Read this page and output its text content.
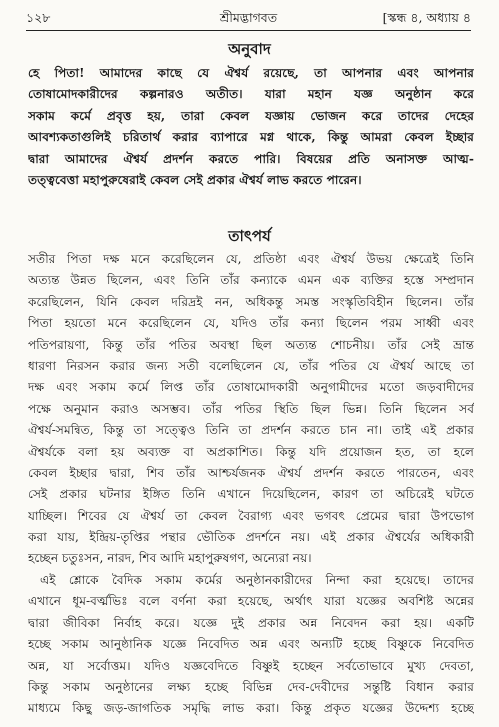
১২৮	শ্রীমদ্ভাগবত	[স্কন্ধ ৪, অধ্যায় ৪
অনুবাদ
হে পিতা! আমাদের কাছে যে ঐশ্বর্য রয়েছে, তা আপনার এবং আপনার
তোষামোদকারীদের কল্পনারও অতীত। যারা মহান যজ্ঞ অনুষ্ঠান করে
সকাম কর্মে প্রবৃত্ত হয়, তারা কেবল যজ্ঞায় ভোজন করে তাদের দেহের
আবশ্যকতাগুলিই চরিতার্থ করার ব্যাপারে মগ্ন থাকে, কিন্তু আমরা কেবল ইচ্ছার
দ্বারা আমাদের ঐশ্বর্য প্রদর্শন করতে পারি। বিষয়ের প্রতি অনাসক্ত আত্ম-
তত্ত্ববেত্তা মহাপুরুষেরাই কেবল সেই প্রকার ঐশ্বর্য লাভ করতে পারেন।
তাৎপর্য
সতীর পিতা দক্ষ মনে করেছিলেন যে, প্রতিষ্ঠা এবং ঐশ্বর্য উভয় ক্ষেত্রেই তিনি
অত্যন্ত উন্নত ছিলেন, এবং তিনি তাঁর কন্যাকে এমন এক ব্যক্তির হস্তে সম্প্রদান
করেছিলেন, যিনি কেবল দরিদ্রই নন, অধিকন্তু সমস্ত সংস্কৃতিবিহীন ছিলেন। তাঁর
পিতা হয়তো মনে করেছিলেন যে, যদিও তাঁর কন্যা ছিলেন পরম সাধ্বী এবং
পতিপরায়ণা, কিন্তু তাঁর পতির অবস্থা ছিল অত্যন্ত শোচনীয়। তাঁর সেই ভ্রান্ত
ধারণা নিরসন করার জন্য সতী বলেছিলেন যে, তাঁর পতির যে ঐশ্বর্য আছে তা
দক্ষ এবং সকাম কর্মে লিপ্ত তাঁর তোষামোদকারী অনুগামীদের মতো জড়বাদীদের
পক্ষে অনুমান করাও অসম্ভব। তাঁর পতির স্থিতি ছিল ভিন্ন। তিনি ছিলেন সর্ব
ঐশ্বর্য-সমন্বিত, কিন্তু তা সত্ত্বেও তিনি তা প্রদর্শন করতে চান না। তাই এই প্রকার
ঐশ্বর্যকে বলা হয় অব্যক্ত বা অপ্রকাশিত। কিন্তু যদি প্রয়োজন হত, তা হলে
কেবল ইচ্ছার দ্বারা, শিব তাঁর আশ্চর্যজনক ঐশ্বর্য প্রদর্শন করতে পারতেন, এবং
সেই প্রকার ঘটনার ইঙ্গিত তিনি এখানে দিয়েছিলেন, কারণ তা অচিরেই ঘটতে
যাচ্ছিল। শিবের যে ঐশ্বর্য তা কেবল বৈরাগ্য এবং ভগবৎ প্রেমের দ্বারা উপভোগ
করা যায়, ইন্দ্রিয়-তৃপ্তির পন্থার ভৌতিক প্রদর্শনে নয়। এই প্রকার ঐশ্বর্যের অধিকারী
হচ্ছেন চতুঃসন, নারদ, শিব আদি মহাপুরুষগণ, অন্যেরা নয়।
এই শ্লোকে বৈদিক সকাম কর্মের অনুষ্ঠানকারীদের নিন্দা করা হয়েছে। তাদের
এখানে ধূম-বর্ত্মভিঃ বলে বর্ণনা করা হয়েছে, অর্থাৎ যারা যজ্ঞের অবশিষ্ট অন্নের
দ্বারা জীবিকা নির্বাহ করে। যজ্ঞে দুই প্রকার অন্ন নিবেদন করা হয়। একটি
হচ্ছে সকাম আনুষ্ঠানিক যজ্ঞে নিবেদিত অন্ন এবং অন্যটি হচ্ছে বিষ্ণুকে নিবেদিত
অন্ন, যা সর্বোত্তম। যদিও যজ্ঞবেদিতে বিষ্ণুই হচ্ছেন সর্বতোভাবে মুখ্য দেবতা,
কিন্তু সকাম অনুষ্ঠানের লক্ষ্য হচ্ছে বিভিন্ন দেব-দেবীদের সন্তুষ্টি বিধান করার
মাধ্যমে কিছু জড়-জাগতিক সমৃদ্ধি লাভ করা। কিন্তু প্রকৃত যজ্ঞের উদ্দেশ্য হচ্ছে
